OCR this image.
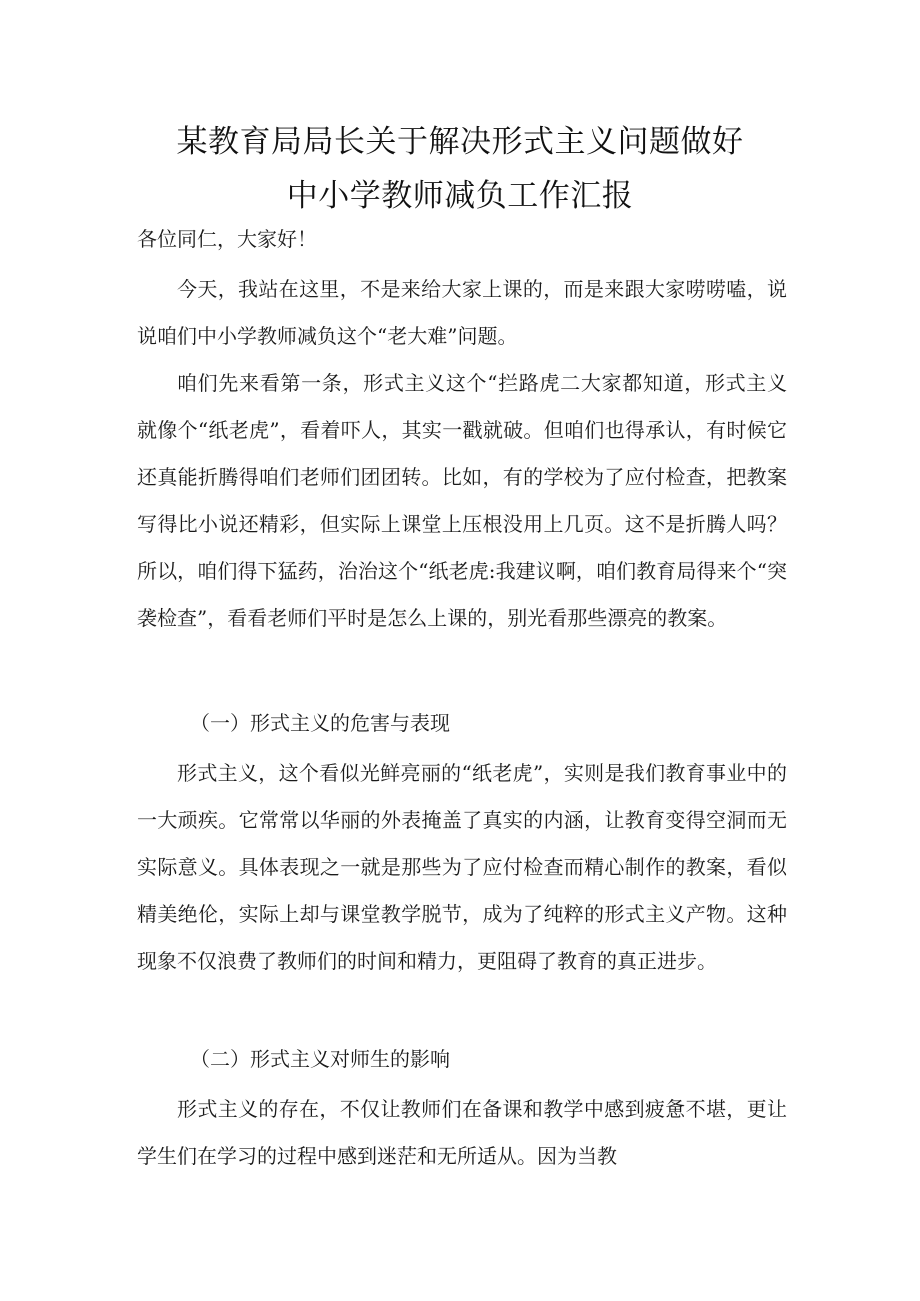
某教育局局长关于解决形式主义问题做好
中小学教师减负工作汇报
各位同仁，大家好！

今天，我站在这里，不是来给大家上课的，而是来跟大家唠唠嗑，说说咱们中小学教师减负这个“老大难”问题。

咱们先来看第一条，形式主义这个“拦路虎二大家都知道，形式主义就像个“纸老虎”，看着吓人，其实一戳就破。但咱们也得承认，有时候它还真能折腾得咱们老师们团团转。比如，有的学校为了应付检查，把教案写得比小说还精彩，但实际上课堂上压根没用上几页。这不是折腾人吗？所以，咱们得下猛药，治治这个“纸老虎:我建议啊，咱们教育局得来个“突袭检查”，看看老师们平时是怎么上课的，别光看那些漂亮的教案。

（一）形式主义的危害与表现

形式主义，这个看似光鲜亮丽的“纸老虎”，实则是我们教育事业中的一大顽疾。它常常以华丽的外表掩盖了真实的内涵，让教育变得空洞而无实际意义。具体表现之一就是那些为了应付检查而精心制作的教案，看似精美绝伦，实际上却与课堂教学脱节，成为了纯粹的形式主义产物。这种现象不仅浪费了教师们的时间和精力，更阻碍了教育的真正进步。

（二）形式主义对师生的影响

形式主义的存在，不仅让教师们在备课和教学中感到疲惫不堪，更让学生们在学习的过程中感到迷茫和无所适从。因为当教
